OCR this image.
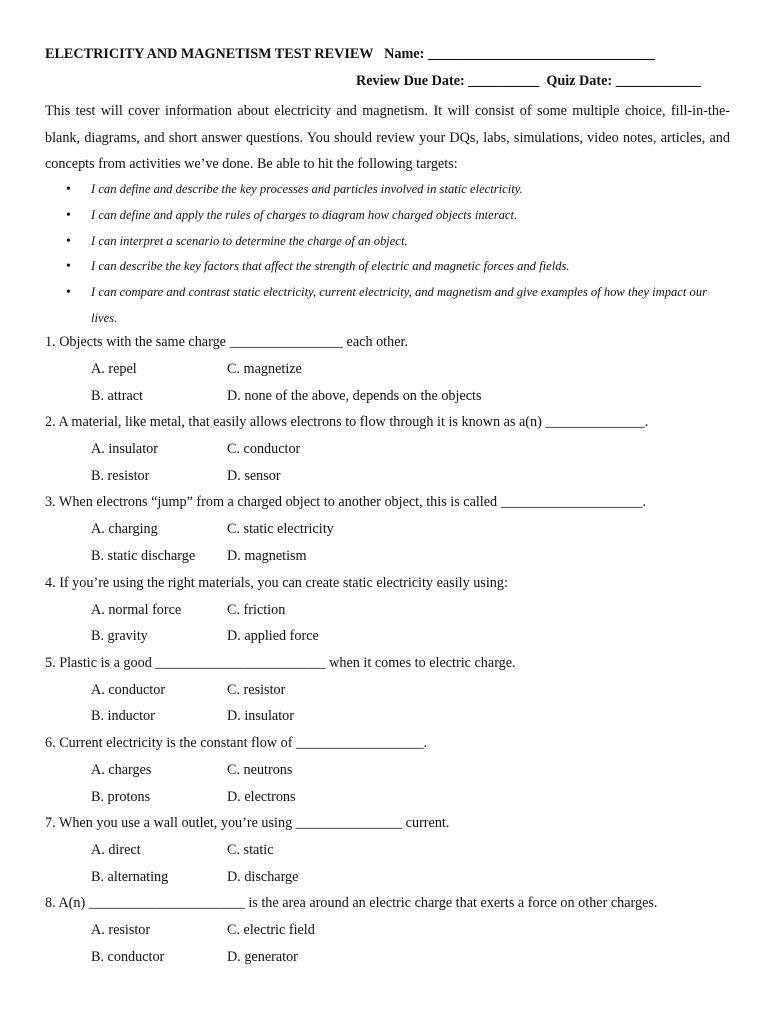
ELECTRICITY AND MAGNETISM TEST REVIEW Name: ________________________________
Review Due Date: __________ Quiz Date: ____________
This test will cover information about electricity and magnetism. It will consist of some multiple choice, fill-in-the-blank, diagrams, and short answer questions. You should review your DQs, labs, simulations, video notes, articles, and concepts from activities we’ve done. Be able to hit the following targets:
• I can define and describe the key processes and particles involved in static electricity.
• I can define and apply the rules of charges to diagram how charged objects interact.
• I can interpret a scenario to determine the charge of an object.
• I can describe the key factors that affect the strength of electric and magnetic forces and fields.
• I can compare and contrast static electricity, current electricity, and magnetism and give examples of how they impact our lives.
1. Objects with the same charge ________________ each other.
A. repel	C. magnetize
B. attract	D. none of the above, depends on the objects
2. A material, like metal, that easily allows electrons to flow through it is known as a(n) ______________.
A. insulator	C. conductor
B. resistor	D. sensor
3. When electrons “jump” from a charged object to another object, this is called ____________________.
A. charging	C. static electricity
B. static discharge D. magnetism
4. If you’re using the right materials, you can create static electricity easily using:
A. normal force	C. friction
B. gravity	D. applied force
5. Plastic is a good ________________________ when it comes to electric charge.
A. conductor	C. resistor
B. inductor	D. insulator
6. Current electricity is the constant flow of __________________.
A. charges	C. neutrons
B. protons	D. electrons
7. When you use a wall outlet, you’re using _______________ current.
A. direct	C. static
B. alternating	D. discharge
8. A(n) ______________________ is the area around an electric charge that exerts a force on other charges.
A. resistor	C. electric field
B. conductor	D. generator
